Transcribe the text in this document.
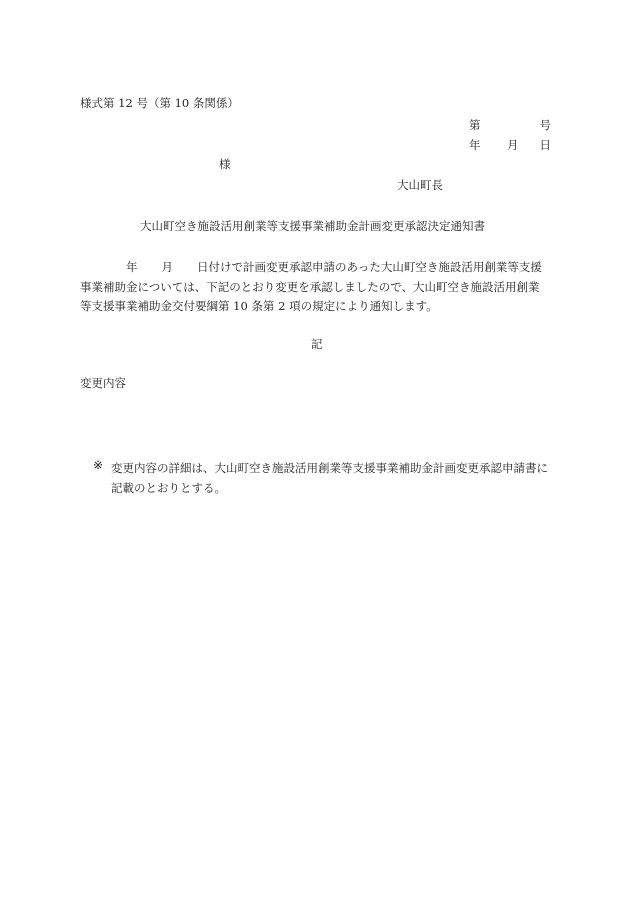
様式第 12 号（第 10 条関係）
第	号
年 月 日
様
大山町長
大山町空き施設活用創業等支援事業補助金計画変更承認決定通知書
年 月 日付けで計画変更承認申請のあった大山町空き施設活用創業等支援
事業補助金については、下記のとおり変更を承認しましたので、大山町空き施設活用創業
等支援事業補助金交付要綱第 10 条第 2 項の規定により通知します。
記
変更内容
※ 変更内容の詳細は、大山町空き施設活用創業等支援事業補助金計画変更承認申請書に
記載のとおりとする。
